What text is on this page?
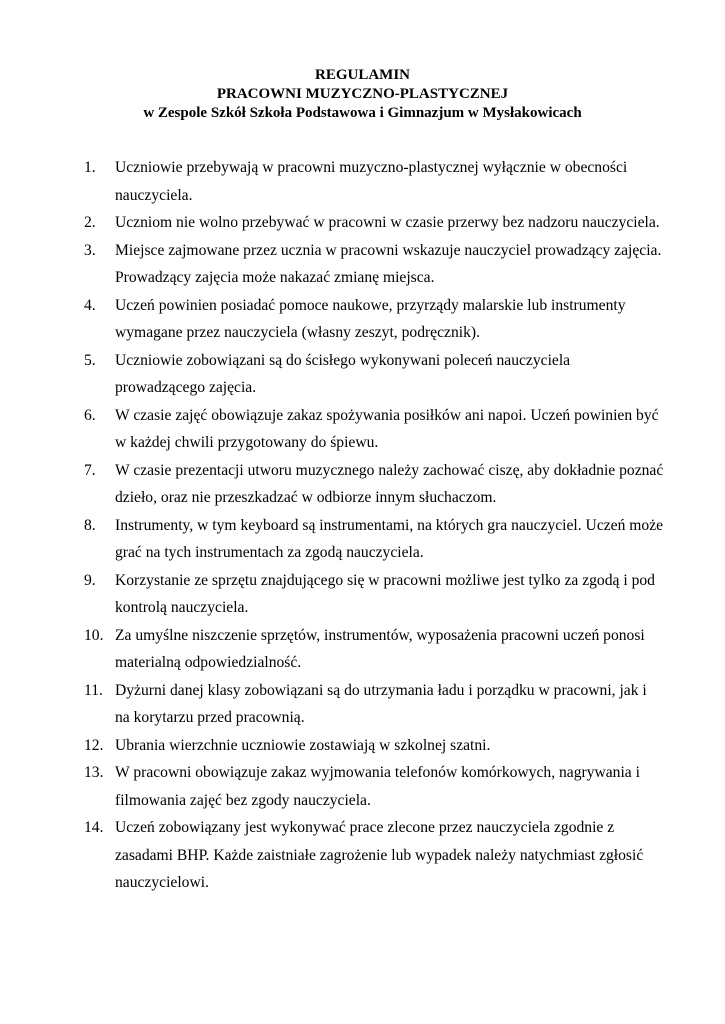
REGULAMIN
PRACOWNI MUZYCZNO-PLASTYCZNEJ
w Zespole Szkół Szkoła Podstawowa i Gimnazjum w Mysłakowicach
1. Uczniowie przebywają w pracowni muzyczno-plastycznej wyłącznie w obecności nauczyciela.
2. Uczniom nie wolno przebywać w pracowni w czasie przerwy bez nadzoru nauczyciela.
3. Miejsce zajmowane przez ucznia w pracowni wskazuje nauczyciel prowadzący zajęcia. Prowadzący zajęcia może nakazać zmianę miejsca.
4. Uczeń powinien posiadać pomoce naukowe, przyrządy malarskie lub instrumenty wymagane przez nauczyciela (własny zeszyt, podręcznik).
5. Uczniowie zobowiązani są do ścisłego wykonywani poleceń nauczyciela prowadzącego zajęcia.
6. W czasie zajęć obowiązuje zakaz spożywania posiłków ani napoi. Uczeń powinien być w każdej chwili przygotowany do śpiewu.
7. W czasie prezentacji utworu muzycznego należy zachować ciszę, aby dokładnie poznać dzieło, oraz nie przeszkadzać w odbiorze innym słuchaczom.
8. Instrumenty, w tym keyboard są instrumentami, na których gra nauczyciel. Uczeń może grać na tych instrumentach za zgodą nauczyciela.
9. Korzystanie ze sprzętu znajdującego się w pracowni możliwe jest tylko za zgodą i pod kontrolą nauczyciela.
10. Za umyślne niszczenie sprzętów, instrumentów, wyposażenia pracowni uczeń ponosi materialną odpowiedzialność.
11. Dyżurni danej klasy zobowiązani są do utrzymania ładu i porządku w pracowni, jak i na korytarzu przed pracownią.
12. Ubrania wierzchnie uczniowie zostawiają w szkolnej szatni.
13. W pracowni obowiązuje zakaz wyjmowania telefonów komórkowych, nagrywania i filmowania zajęć bez zgody nauczyciela.
14. Uczeń zobowiązany jest wykonywać prace zlecone przez nauczyciela zgodnie z zasadami BHP. Każde zaistniałe zagrożenie lub wypadek należy natychmiast zgłosić nauczycielowi.
